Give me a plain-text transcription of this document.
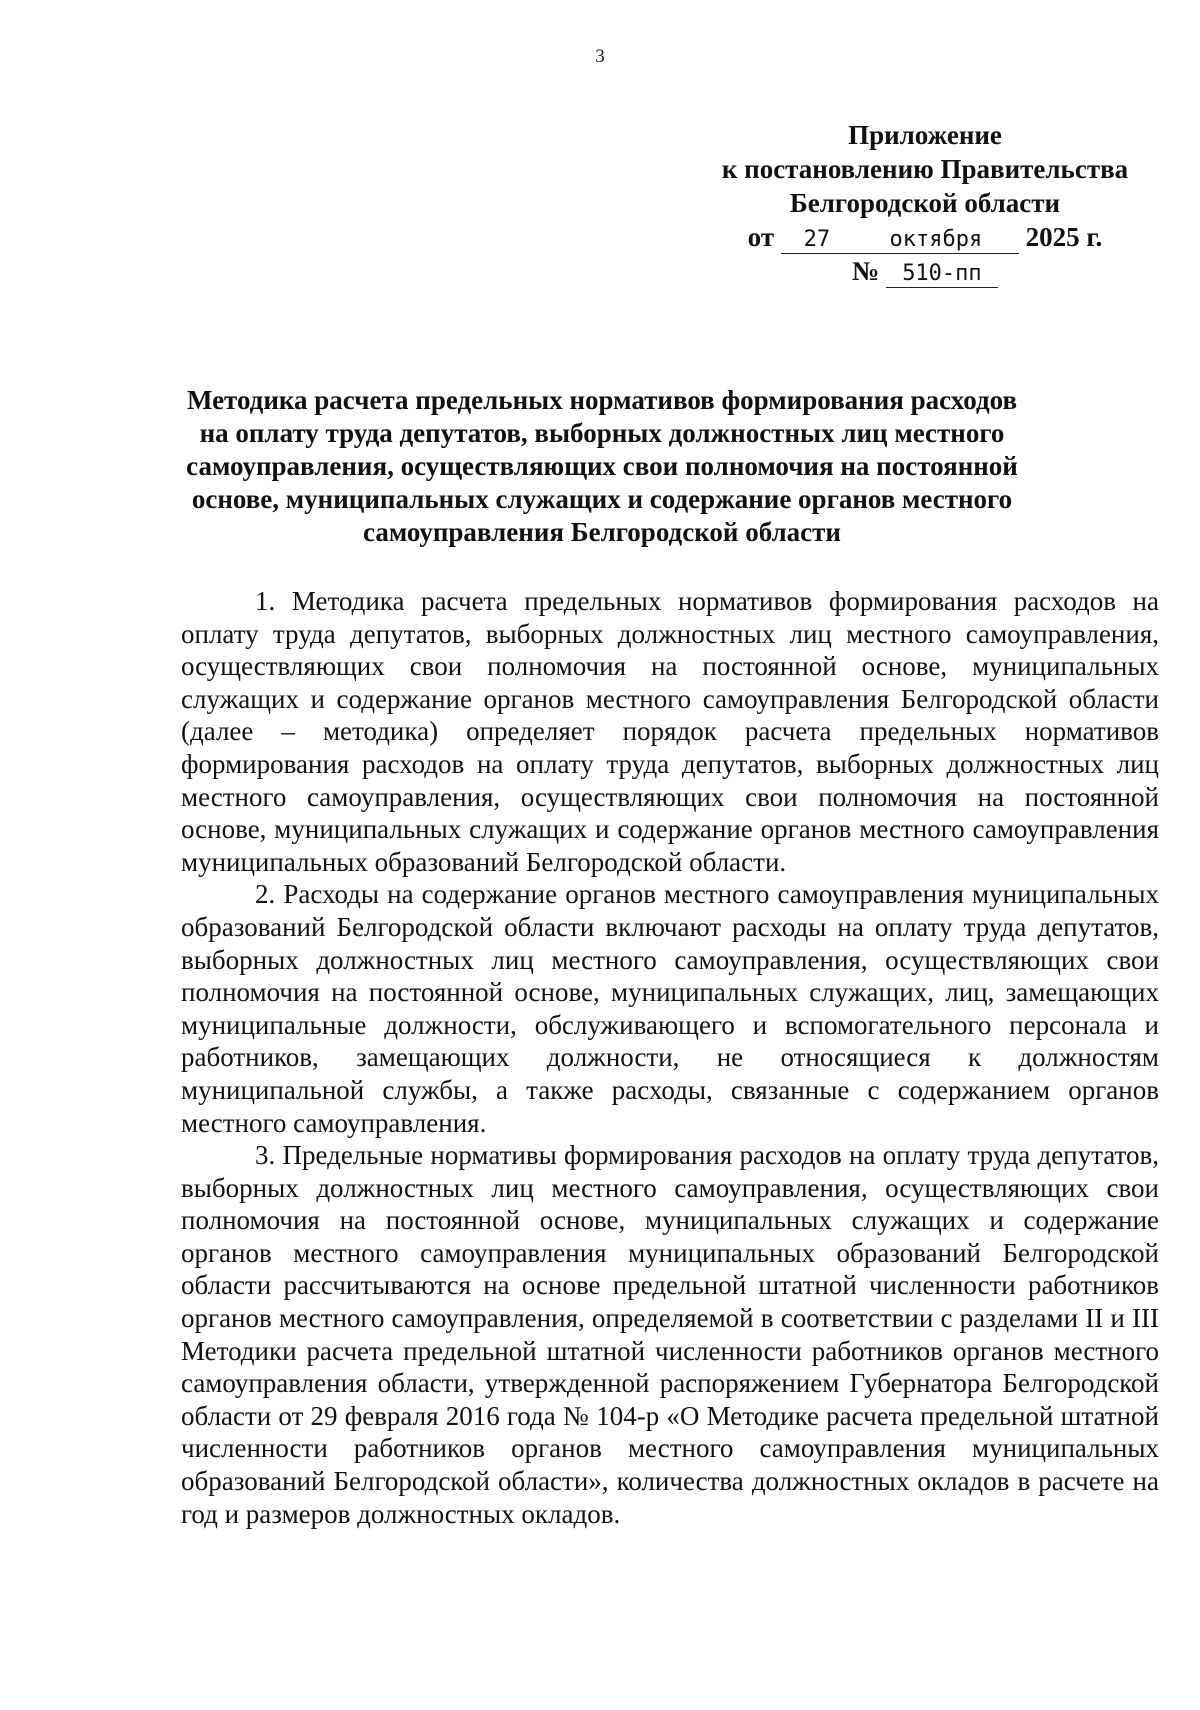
3
Приложение
к постановлению Правительства
Белгородской области
от 27	октября 2025 г.
№ 510-пп
Методика расчета предельных нормативов формирования расходов на оплату труда депутатов, выборных должностных лиц местного самоуправления, осуществляющих свои полномочия на постоянной основе, муниципальных служащих и содержание органов местного самоуправления Белгородской области

1. Методика расчета предельных нормативов формирования расходов на оплату труда депутатов, выборных должностных лиц местного самоуправления, осуществляющих свои полномочия на постоянной основе, муниципальных служащих и содержание органов местного самоуправления Белгородской области (далее – методика) определяет порядок расчета предельных нормативов формирования расходов на оплату труда депутатов, выборных должностных лиц местного самоуправления, осуществляющих свои полномочия на постоянной основе, муниципальных служащих и содержание органов местного самоуправления муниципальных образований Белгородской области.

2. Расходы на содержание органов местного самоуправления муниципальных образований Белгородской области включают расходы на оплату труда депутатов, выборных должностных лиц местного самоуправления, осуществляющих свои полномочия на постоянной основе, муниципальных служащих, лиц, замещающих муниципальные должности, обслуживающего и вспомогательного персонала и работников, замещающих должности, не относящиеся к должностям муниципальной службы, а также расходы, связанные с содержанием органов местного самоуправления.

3. Предельные нормативы формирования расходов на оплату труда депутатов, выборных должностных лиц местного самоуправления, осуществляющих свои полномочия на постоянной основе, муниципальных служащих и содержание органов местного самоуправления муниципальных образований Белгородской области рассчитываются на основе предельной штатной численности работников органов местного самоуправления, определяемой в соответствии с разделами II и III Методики расчета предельной штатной численности работников органов местного самоуправления области, утвержденной распоряжением Губернатора Белгородской области от 29 февраля 2016 года № 104-р «О Методике расчета предельной штатной численности работников органов местного самоуправления муниципальных образований Белгородской области», количества должностных окладов в расчете на год и размеров должностных окладов.
